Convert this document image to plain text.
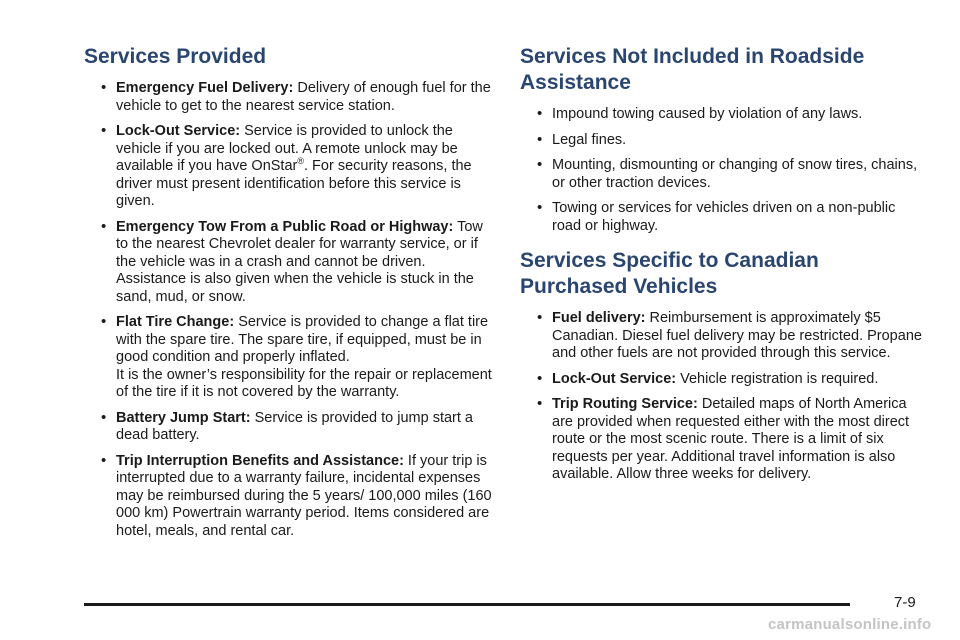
Services Provided
• Emergency Fuel Delivery: Delivery of enough fuel for the vehicle to get to the nearest service station.
• Lock-Out Service: Service is provided to unlock the vehicle if you are locked out. A remote unlock may be available if you have OnStar®. For security reasons, the driver must present identification before this service is given.
• Emergency Tow From a Public Road or Highway: Tow to the nearest Chevrolet dealer for warranty service, or if the vehicle was in a crash and cannot be driven. Assistance is also given when the vehicle is stuck in the sand, mud, or snow.
• Flat Tire Change: Service is provided to change a flat tire with the spare tire. The spare tire, if equipped, must be in good condition and properly inflated.
It is the owner’s responsibility for the repair or replacement of the tire if it is not covered by the warranty.
• Battery Jump Start: Service is provided to jump start a dead battery.
• Trip Interruption Benefits and Assistance: If your trip is interrupted due to a warranty failure, incidental expenses may be reimbursed during the 5 years/ 100,000 miles (160 000 km) Powertrain warranty period. Items considered are hotel, meals, and rental car.
Services Not Included in Roadside Assistance
• Impound towing caused by violation of any laws.
• Legal fines.
• Mounting, dismounting or changing of snow tires, chains, or other traction devices.
• Towing or services for vehicles driven on a non-public road or highway.
Services Specific to Canadian Purchased Vehicles
• Fuel delivery: Reimbursement is approximately $5 Canadian. Diesel fuel delivery may be restricted. Propane and other fuels are not provided through this service.
• Lock-Out Service: Vehicle registration is required.
• Trip Routing Service: Detailed maps of North America are provided when requested either with the most direct route or the most scenic route. There is a limit of six requests per year. Additional travel information is also available. Allow three weeks for delivery.
7-9
carmanualsonline.info
